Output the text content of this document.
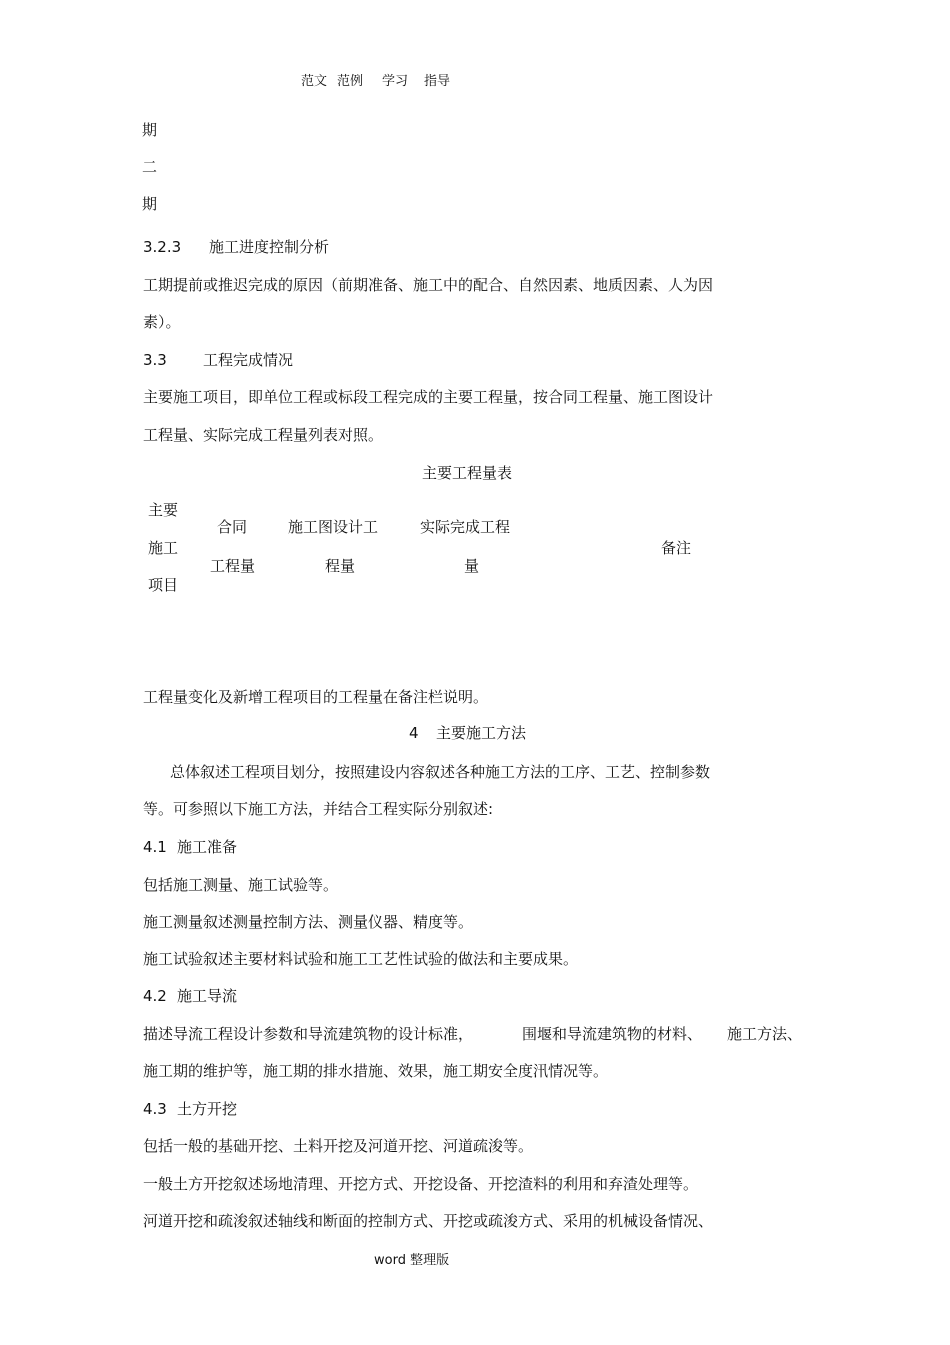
范文 范例 学习 指导
期
二
期
3.2.3 施工进度控制分析
工期提前或推迟完成的原因（前期准备、施工中的配合、自然因素、地质因素、人为因
素）。
3.3 工程完成情况
主要施工项目，即单位工程或标段工程完成的主要工程量，按合同工程量、施工图设计
工程量、实际完成工程量列表对照。
主要工程量表
主要
施工
项目
合同
工程量
施工图设计工
程量
实际完成工程
量
备注
工程量变化及新增工程项目的工程量在备注栏说明。
4 主要施工方法
总体叙述工程项目划分，按照建设内容叙述各种施工方法的工序、工艺、控制参数
等。可参照以下施工方法，并结合工程实际分别叙述:
4.1 施工准备
包括施工测量、施工试验等。
施工测量叙述测量控制方法、测量仪器、精度等。
施工试验叙述主要材料试验和施工工艺性试验的做法和主要成果。
4.2 施工导流
描述导流工程设计参数和导流建筑物的设计标准，	围堰和导流建筑物的材料、 施工方法、
施工期的维护等，施工期的排水措施、效果，施工期安全度汛情况等。
4.3 土方开挖
包括一般的基础开挖、土料开挖及河道开挖、河道疏浚等。
一般土方开挖叙述场地清理、开挖方式、开挖设备、开挖渣料的利用和弃渣处理等。
河道开挖和疏浚叙述轴线和断面的控制方式、开挖或疏浚方式、采用的机械设备情况、
word 整理版
